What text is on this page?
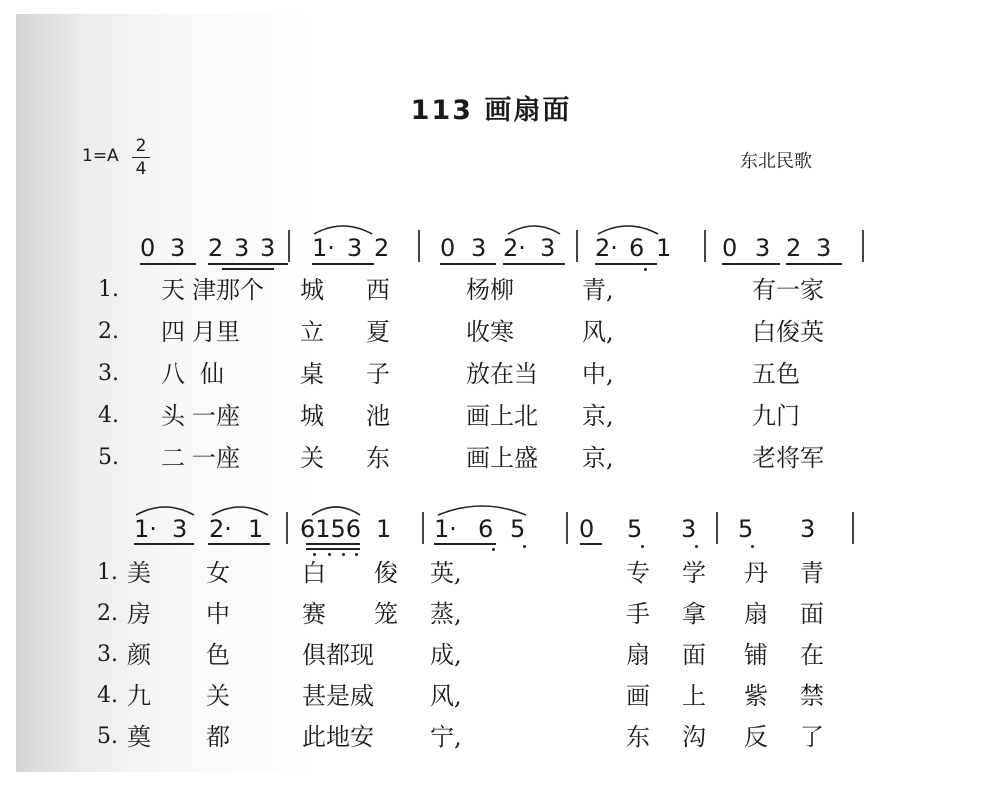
113 画扇面
1=A 2
4	东北民歌
0 3 2 3 3 1· 3 2 0 3 2· 3 2· 6 1 0 3 2 3
1. 天 津那个 城 西	杨柳	青,	有一家
2. 四 月里	立 夏	收寒	风,	白俊英
3. 八 仙	桌 子	放在当 中,	五色
4. 头 一座	城 池	画上北 京,	九门
5. 二 一座	关 东	画上盛 京,	老将军
1· 3 2· 1 6156 1 1· 6 5 0 5 3 5 3
1. 美 女	白 俊 英,	专 学 丹 青
2. 房 中	赛 笼 蒸,	手 拿 扇 面
3. 颜 色	俱都现 成,	扇 面 铺 在
4. 九 关	甚是威 风,	画 上 紫 禁
5. 奠 都	此地安 宁,	东 沟 反 了
